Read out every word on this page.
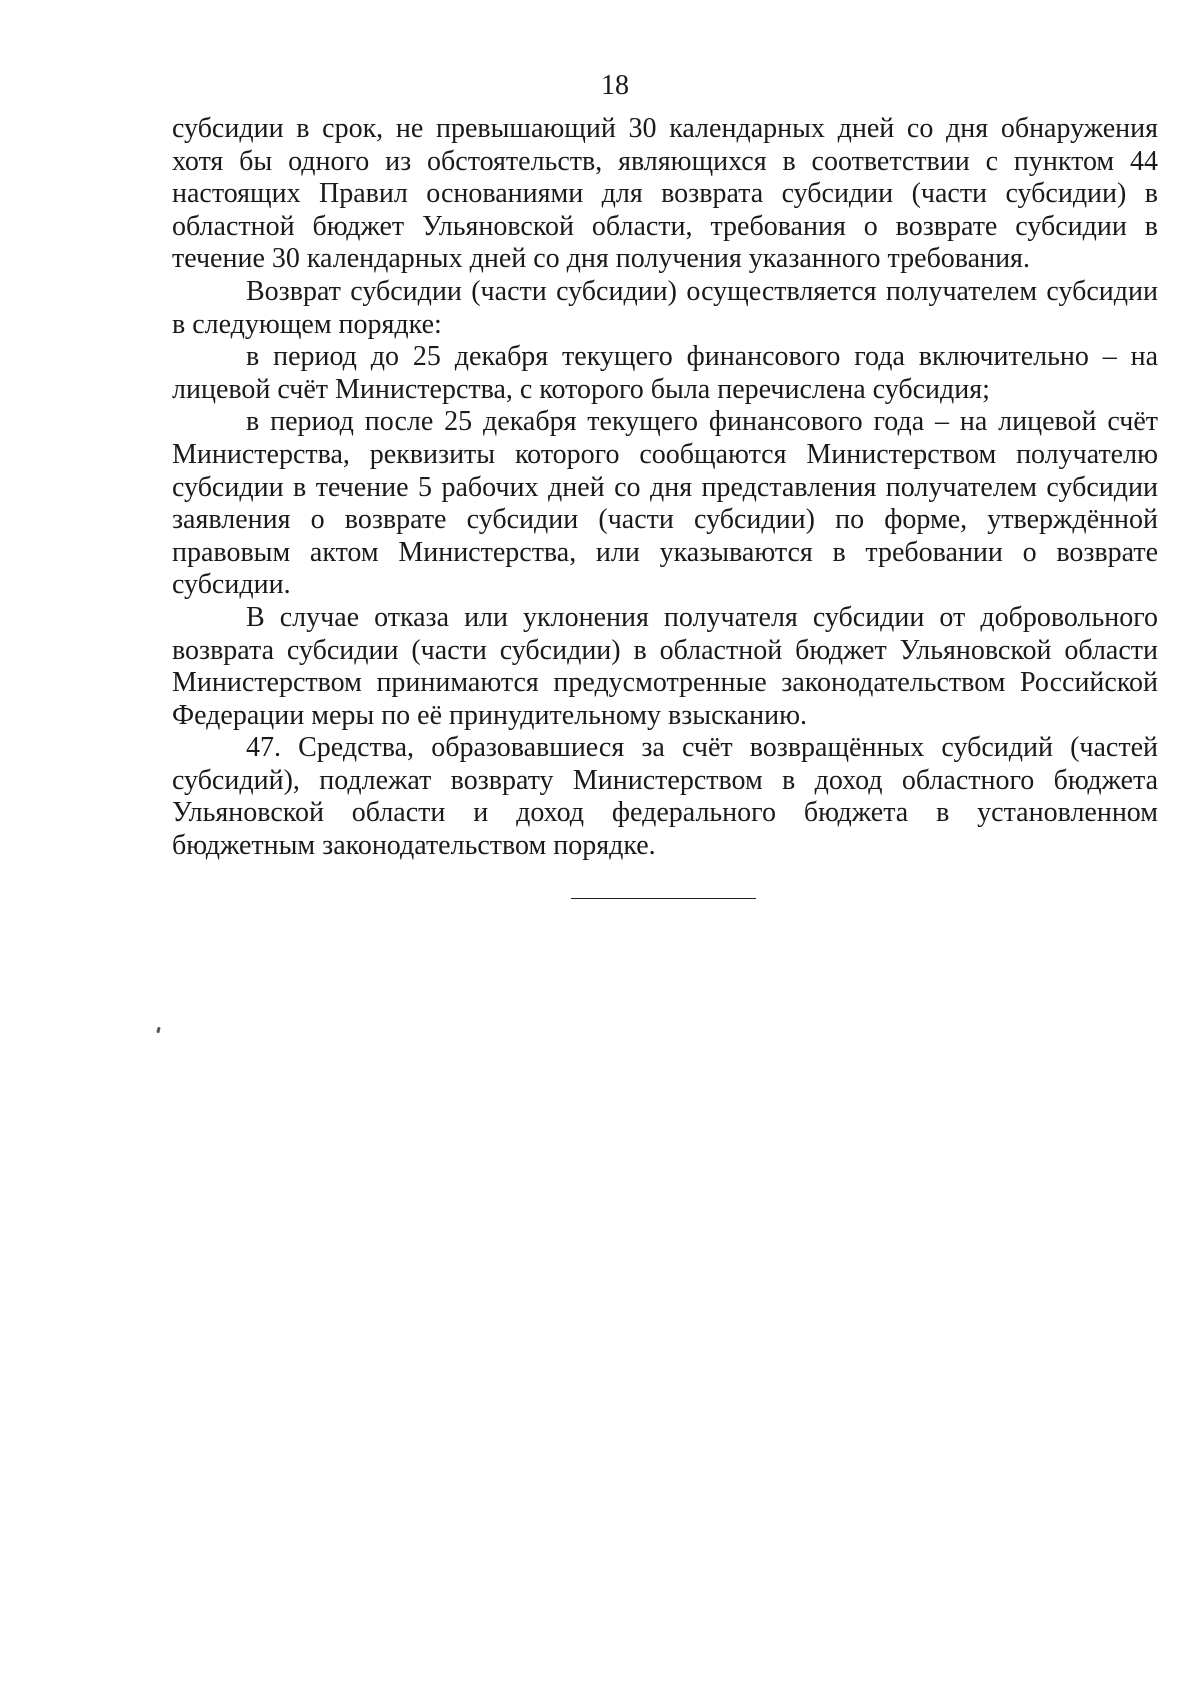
18

субсидии в срок, не превышающий 30 календарных дней со дня обнаружения хотя бы одного из обстоятельств, являющихся в соответствии с пунктом 44 настоящих Правил основаниями для возврата субсидии (части субсидии) в областной бюджет Ульяновской области, требования о возврате субсидии в течение 30 календарных дней со дня получения указанного требования.

Возврат субсидии (части субсидии) осуществляется получателем субсидии в следующем порядке:

в период до 25 декабря текущего финансового года включительно – на лицевой счёт Министерства, с которого была перечислена субсидия;

в период после 25 декабря текущего финансового года – на лицевой счёт Министерства, реквизиты которого сообщаются Министерством получателю субсидии в течение 5 рабочих дней со дня представления получателем субсидии заявления о возврате субсидии (части субсидии) по форме, утверждённой правовым актом Министерства, или указываются в требовании о возврате субсидии.

В случае отказа или уклонения получателя субсидии от добровольного возврата субсидии (части субсидии) в областной бюджет Ульяновской области Министерством принимаются предусмотренные законодательством Российской Федерации меры по её принудительному взысканию.

47. Средства, образовавшиеся за счёт возвращённых субсидий (частей субсидий), подлежат возврату Министерством в доход областного бюджета Ульяновской области и доход федерального бюджета в установленном бюджетным законодательством порядке.
